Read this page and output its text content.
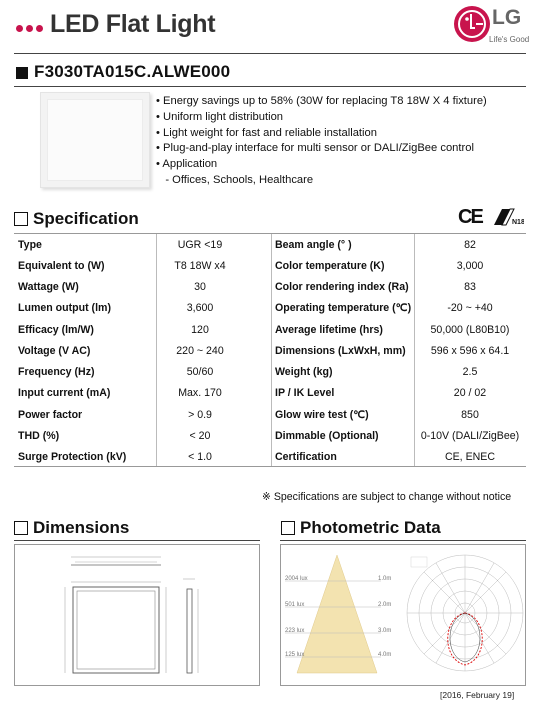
LED Flat Light	LG
Life's Good
F3030TA015C.ALWE000
• Energy savings up to 58% (30W for replacing T8 18W X 4 fixture)
• Uniform light distribution
• Light weight for fast and reliable installation
• Plug-and-play interface for multi sensor or DALI/ZigBee control
• Application
- Offices, Schools, Healthcare
Specification	CE	N18
Type	UGR <19	Beam angle (° )	82
Equivalent to (W)	T8 18W x4	Color temperature (K)	3,000
Wattage (W)	30	Color rendering index (Ra)	83
Lumen output (lm)	3,600	Operating temperature (℃)	-20 ~ +40
Efficacy (lm/W)	120	Average lifetime (hrs)	50,000 (L80B10)
Voltage (V AC)	220 ~ 240	Dimensions (LxWxH, mm)	596 x 596 x 64.1
Frequency (Hz)	50/60	Weight (kg)	2.5
Input current (mA)	Max. 170	IP / IK Level	20 / 02
Power factor	> 0.9	Glow wire test (℃)	850
THD (%)	< 20	Dimmable (Optional)	0-10V (DALI/ZigBee)
Surge Protection (kV)	< 1.0	Certification	CE, ENEC
※ Specifications are subject to change without notice
Dimensions	Photometric Data
2004 lux	1.0m
501 lux	2.0m
223 lux	3.0m
125 lux	4.0m
[2016, February 19]
